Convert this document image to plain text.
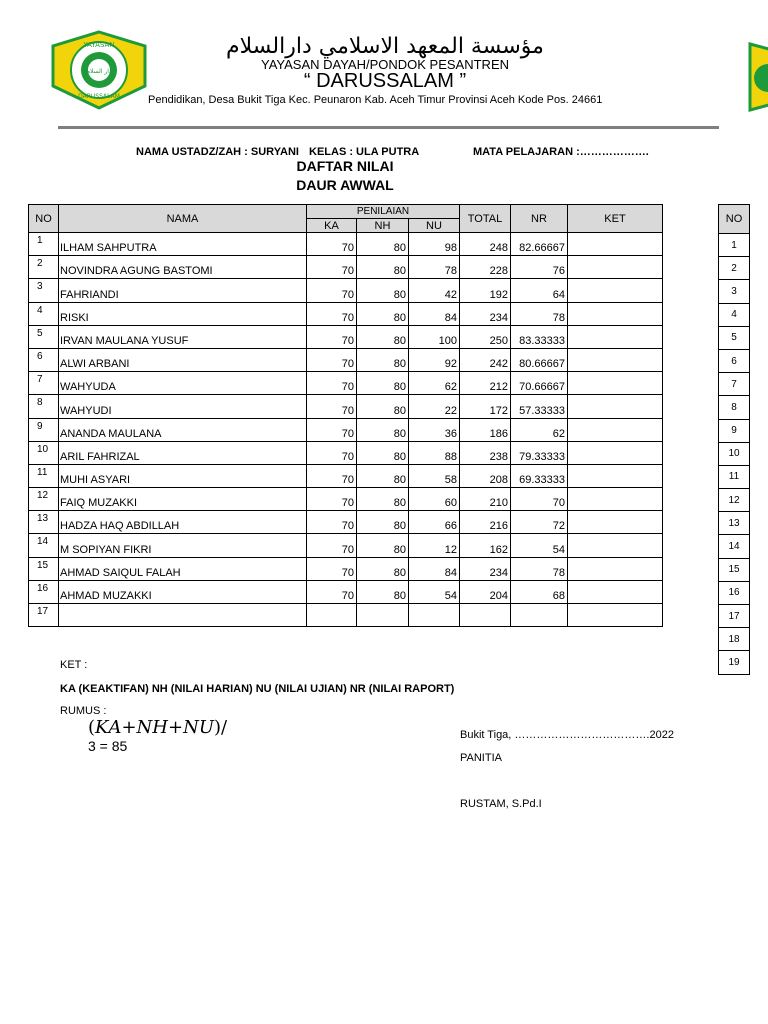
دار السلام
YAYASAN
DARUSSALAM
مؤسسة المعهد الاسلامي دارالسلام
YAYASAN DAYAH/PONDOK PESANTREN
“ DARUSSALAM ”
Pendidikan, Desa Bukit Tiga Kec. Peunaron Kab. Aceh Timur Provinsi Aceh Kode Pos. 24661
NAMA USTADZ/ZAH : SURYANI KELAS : ULA PUTRA	MATA PELAJARAN :……………….
DAFTAR NILAI
DAUR AWWAL
NO	NAMA	PENILAIAN			TOTAL	NR	KET
		KA	NH	NU			
1	ILHAM SAHPUTRA	70	80	98	248	82.66667	
2	NOVINDRA AGUNG BASTOMI	70	80	78	228	76	
3	FAHRIANDI	70	80	42	192	64	
4	RISKI	70	80	84	234	78	
5	IRVAN MAULANA YUSUF	70	80	100	250	83.33333	
6	ALWI ARBANI	70	80	92	242	80.66667	
7	WAHYUDA	70	80	62	212	70.66667	
8	WAHYUDI	70	80	22	172	57.33333	
9	ANANDA MAULANA	70	80	36	186	62	
10	ARIL FAHRIZAL	70	80	88	238	79.33333	
11	MUHI ASYARI	70	80	58	208	69.33333	
12	FAIQ MUZAKKI	70	80	60	210	70	
13	HADZA HAQ ABDILLAH	70	80	66	216	72	
14	M SOPIYAN FIKRI	70	80	12	162	54	
15	AHMAD SAIQUL FALAH	70	80	84	234	78	
16	AHMAD MUZAKKI	70	80	54	204	68	
17							
NO
1
2
3
4
5
6
7
8
9
10
11
12
13
14
15
16
17
18
19
KET :
KA (KEAKTIFAN) NH (NILAI HARIAN) NU (NILAI UJIAN) NR (NILAI RAPORT)
RUMUS :
(𝐾𝐴+𝑁𝐻+𝑁𝑈)/
3 = 85
Bukit Tiga, ……………………………….2022
PANITIA
RUSTAM, S.Pd.I
